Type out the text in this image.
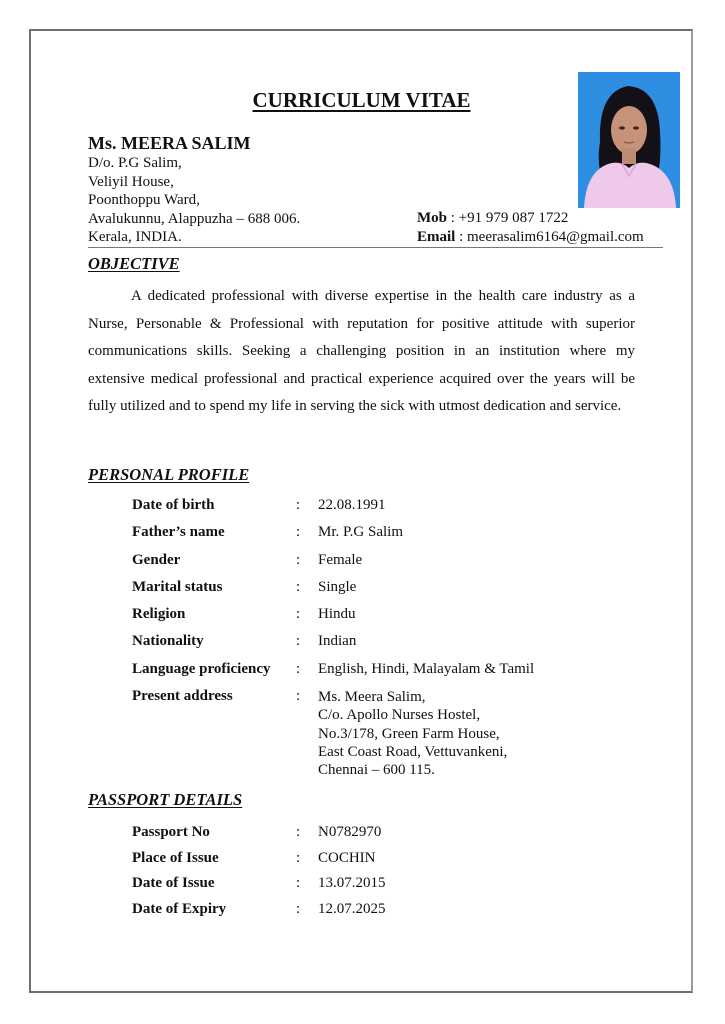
CURRICULUM VITAE
Ms. MEERA SALIM
D/o. P.G Salim,
Veliyil House,
Poonthoppu Ward,
Avalukunnu, Alappuzha – 688 006.
Kerala, INDIA.
Mob : +91 979 087 1722
Email : meerasalim6164@gmail.com
OBJECTIVE
A dedicated professional with diverse expertise in the health care industry as a Nurse, Personable & Professional with reputation for positive attitude with superior communications skills. Seeking a challenging position in an institution where my extensive medical professional and practical experience acquired over the years will be fully utilized and to spend my life in serving the sick with utmost dedication and service.
PERSONAL PROFILE
Date of birth	:	22.08.1991
Father’s name	:	Mr. P.G Salim
Gender	:	Female
Marital status	:	Single
Religion	:	Hindu
Nationality	:	Indian
Language proficiency	:	English, Hindi, Malayalam & Tamil
Present address	:	Ms. Meera Salim,
C/o. Apollo Nurses Hostel,
No.3/178, Green Farm House,
East Coast Road, Vettuvankeni,
Chennai – 600 115.
PASSPORT DETAILS
Passport No	:	N0782970
Place of Issue	:	COCHIN
Date of Issue	:	13.07.2015
Date of Expiry	:	12.07.2025
